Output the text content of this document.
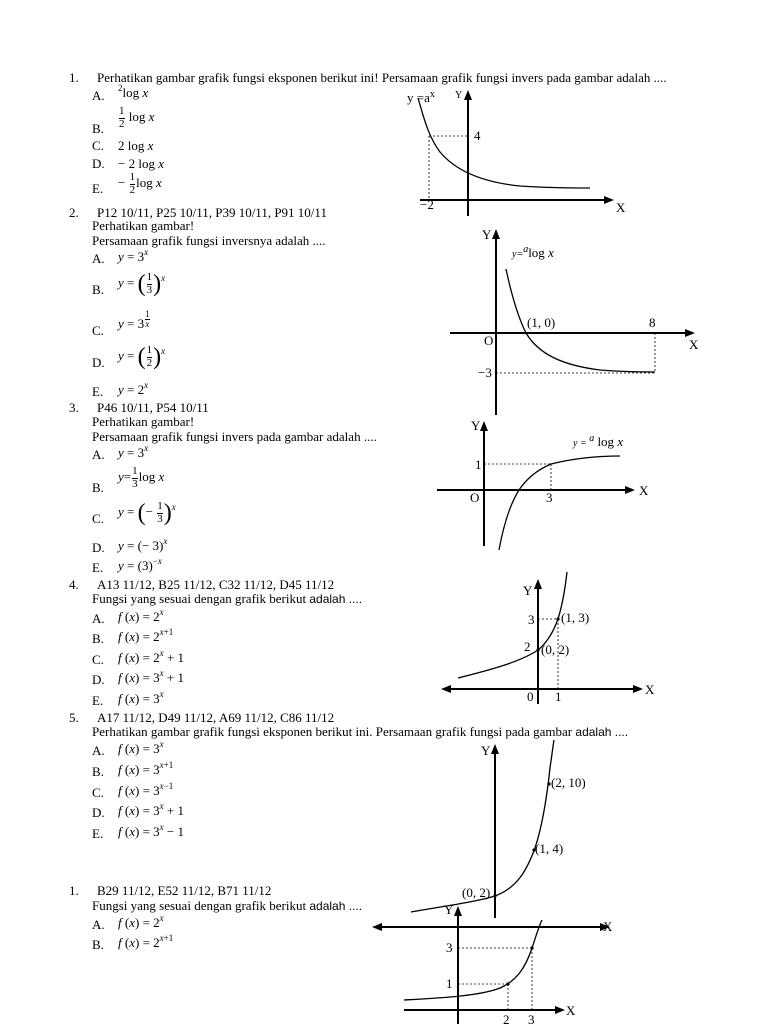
1. Perhatikan gambar grafik fungsi eksponen berikut ini! Persamaan grafik fungsi invers pada gambar adalah ....
A. $^2$log x
B. $\frac{1}{2}$ log x
C. 2 log x
D. − 2 log x
E. − $\frac{1}{2}$ log x
$y =a^x$ Y
4
−2	X
2. P12 10/11, P25 10/11, P39 10/11, P91 10/11
Perhatikan gambar!
Persamaan grafik fungsi inversnya adalah ....
A. $y = 3^x$
B. y = ( $\frac{1}{3} )^x$
C. y = 3 $^{\frac{1}{x}}$
D. y = ( $\frac{1}{2} )^x$
E. $y = 2^x$
Y
y=$^a$log x
(1, 0)	8
O	X
−3
3. P46 10/11, P54 10/11
Perhatikan gambar!
Persamaan grafik fungsi invers pada gambar adalah ....
A. $y = 3^x$
B.
$y= \frac{1}{3}$ log x
C. y = (− $\frac{1}{3} )^x$
D. y = (− 3)$^x$
E. $y = (3)^{-x}$
Y
y = $^a$ log x
1
O	3	X
4. A13 11/12, B25 11/12, C32 11/12, D45 11/12
Fungsi yang sesuai dengan grafik berikut adalah ....
A. f $(x) = 2^x$
B. f $(x) = 2^{x+1}$
C. f $(x) = 2^x + 1$
D. f $(x) = 3^x + 1$
E. f $(x) = 3^x$
Y
3 (1, 3)
2 (0, 2)
0 1	X
5. A17 11/12, D49 11/12, A69 11/12, C86 11/12
Perhatikan gambar grafik fungsi eksponen berikut ini. Persamaan grafik fungsi pada gambar adalah ....
A. f $(x) = 3^x$
B. f $(x) = 3^{x+1}$
C. f $(x) = 3^{x-1}$
D. f $(x) = 3^x + 1$
E. f $(x) = 3^x - 1$
Y
(2, 10)
(1, 4)
(0, 2)
1. B29 11/12, E52 11/12, B71 11/12
Fungsi yang sesuai dengan grafik berikut adalah ....
A. f $(x) = 2^x$
B. f $(x) = 2^{x+1}$
X
Y
3
1
2 3
X
